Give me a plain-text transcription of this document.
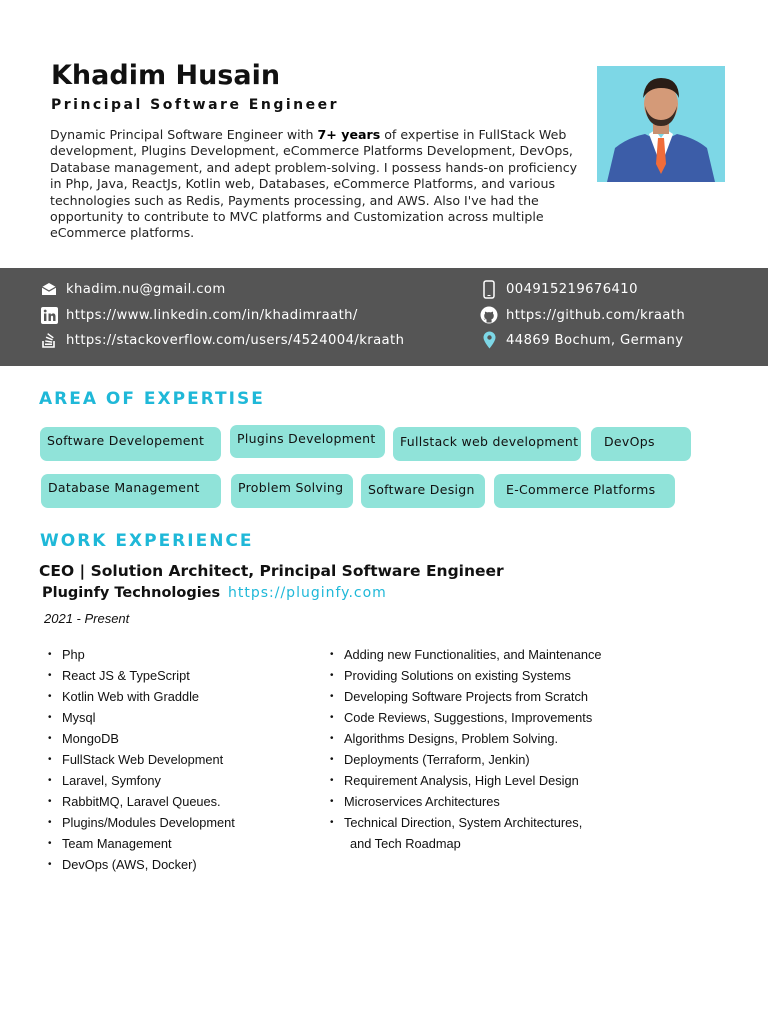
Khadim Husain
Principal Software Engineer
Dynamic Principal Software Engineer with 7+ years of expertise in FullStack Web development, Plugins Development, eCommerce Platforms Development, DevOps, Database management, and adept problem-solving. I possess hands-on proficiency in Php, Java, ReactJs, Kotlin web, Databases, eCommerce Platforms, and various technologies such as Redis, Payments processing, and AWS. Also I've had the opportunity to contribute to MVC platforms and Customization across multiple eCommerce platforms.
khadim.nu@gmail.com
https://www.linkedin.com/in/khadimraath/
https://stackoverflow.com/users/4524004/kraath
004915219676410
https://github.com/kraath
44869 Bochum, Germany
AREA OF EXPERTISE
Software Developement	Plugins Development	Fullstack web development	DevOps
Database Management	Problem Solving	Software Design	E-Commerce Platforms
WORK EXPERIENCE
CEO | Solution Architect, Principal Software Engineer
Pluginfy Technologies https://pluginfy.com
2021 - Present
• Php
• React JS & TypeScript
• Kotlin Web with Graddle
• Mysql
• MongoDB
• FullStack Web Development
• Laravel, Symfony
• RabbitMQ, Laravel Queues.
• Plugins/Modules Development
• Team Management
• DevOps (AWS, Docker)
• Adding new Functionalities, and Maintenance
• Providing Solutions on existing Systems
• Developing Software Projects from Scratch
• Code Reviews, Suggestions, Improvements
• Algorithms Designs, Problem Solving.
• Deployments (Terraform, Jenkin)
• Requirement Analysis, High Level Design
• Microservices Architectures
• Technical Direction, System Architectures,
and Tech Roadmap
